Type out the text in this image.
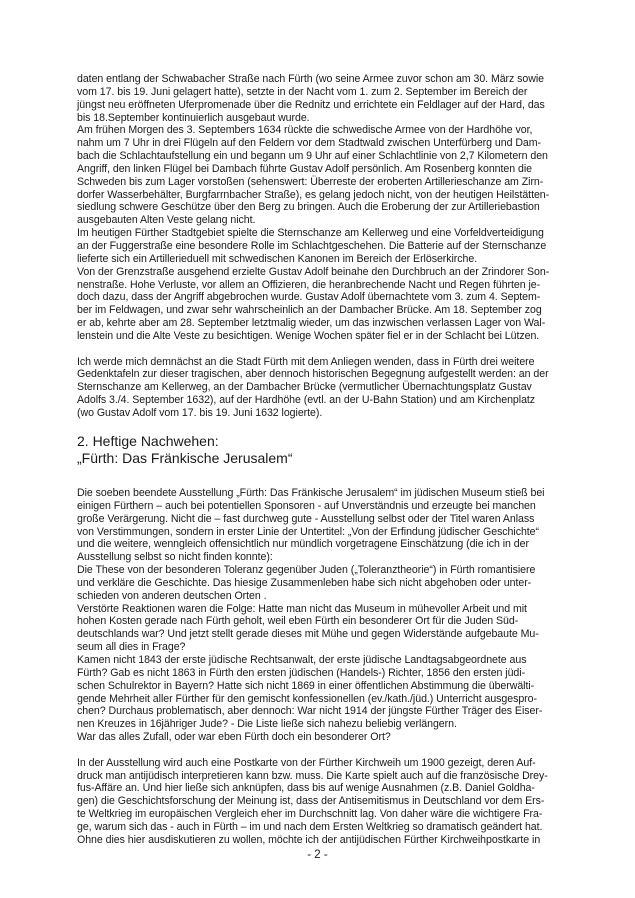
daten entlang der Schwabacher Straße nach Fürth (wo seine Armee zuvor schon am 30. März sowie
vom 17. bis 19. Juni gelagert hatte), setzte in der Nacht vom 1. zum 2. September im Bereich der
jüngst neu eröffneten Uferpromenade über die Rednitz und errichtete ein Feldlager auf der Hard, das
bis 18.September kontinuierlich ausgebaut wurde.
Am frühen Morgen des 3. Septembers 1634 rückte die schwedische Armee von der Hardhöhe vor,
nahm um 7 Uhr in drei Flügeln auf den Feldern vor dem Stadtwald zwischen Unterfürberg und Dam-
bach die Schlachtaufstellung ein und begann um 9 Uhr auf einer Schlachtlinie von 2,7 Kilometern den
Angriff, den linken Flügel bei Dambach führte Gustav Adolf persönlich. Am Rosenberg konnten die
Schweden bis zum Lager vorstoßen (sehenswert: Überreste der eroberten Artillerieschanze am Zirn-
dorfer Wasserbehälter, Burgfarrnbacher Straße), es gelang jedoch nicht, von der heutigen Heilstätten-
siedlung schwere Geschütze über den Berg zu bringen. Auch die Eroberung der zur Artilleriebastion
ausgebauten Alten Veste gelang nicht.
Im heutigen Fürther Stadtgebiet spielte die Sternschanze am Kellerweg und eine Vorfeldverteidigung
an der Fuggerstraße eine besondere Rolle im Schlachtgeschehen. Die Batterie auf der Sternschanze
lieferte sich ein Artillerieduell mit schwedischen Kanonen im Bereich der Erlöserkirche.
Von der Grenzstraße ausgehend erzielte Gustav Adolf beinahe den Durchbruch an der Zrindorer Son-
nenstraße. Hohe Verluste, vor allem an Offizieren, die heranbrechende Nacht und Regen führten je-
doch dazu, dass der Angriff abgebrochen wurde. Gustav Adolf übernachtete vom 3. zum 4. Septem-
ber im Feldwagen, und zwar sehr wahrscheinlich an der Dambacher Brücke. Am 18. September zog
er ab, kehrte aber am 28. September letztmalig wieder, um das inzwischen verlassen Lager von Wal-
lenstein und die Alte Veste zu besichtigen. Wenige Wochen später fiel er in der Schlacht bei Lützen.
Ich werde mich demnächst an die Stadt Fürth mit dem Anliegen wenden, dass in Fürth drei weitere
Gedenktafeln zur dieser tragischen, aber dennoch historischen Begegnung aufgestellt werden: an der
Sternschanze am Kellerweg, an der Dambacher Brücke (vermutlicher Übernachtungsplatz Gustav
Adolfs 3./4. September 1632), auf der Hardhöhe (evtl. an der U-Bahn Station) und am Kirchenplatz
(wo Gustav Adolf vom 17. bis 19. Juni 1632 logierte).
2. Heftige Nachwehen:
„Fürth: Das Fränkische Jerusalem“
Die soeben beendete Ausstellung „Fürth: Das Fränkische Jerusalem“ im jüdischen Museum stieß bei
einigen Fürthern – auch bei potentiellen Sponsoren - auf Unverständnis und erzeugte bei manchen
große Verärgerung. Nicht die – fast durchweg gute - Ausstellung selbst oder der Titel waren Anlass
von Verstimmungen, sondern in erster Linie der Untertitel: „Von der Erfindung jüdischer Geschichte“
und die weitere, wenngleich offensichtlich nur mündlich vorgetragene Einschätzung (die ich in der
Ausstellung selbst so nicht finden konnte):
Die These von der besonderen Toleranz gegenüber Juden („Toleranztheorie“) in Fürth romantisiere
und verkläre die Geschichte. Das hiesige Zusammenleben habe sich nicht abgehoben oder unter-
schieden von anderen deutschen Orten .
Verstörte Reaktionen waren die Folge: Hatte man nicht das Museum in mühevoller Arbeit und mit
hohen Kosten gerade nach Fürth geholt, weil eben Fürth ein besonderer Ort für die Juden Süd-
deutschlands war? Und jetzt stellt gerade dieses mit Mühe und gegen Widerstände aufgebaute Mu-
seum all dies in Frage?
Kamen nicht 1843 der erste jüdische Rechtsanwalt, der erste jüdische Landtagsabgeordnete aus
Fürth? Gab es nicht 1863 in Fürth den ersten jüdischen (Handels-) Richter, 1856 den ersten jüdi-
schen Schulrektor in Bayern? Hatte sich nicht 1869 in einer öffentlichen Abstimmung die überwälti-
gende Mehrheit aller Fürther für den gemischt konfessionellen (ev./kath./jüd.) Unterricht ausgespro-
chen? Durchaus problematisch, aber dennoch: War nicht 1914 der jüngste Fürther Träger des Eiser-
nen Kreuzes in 16jähriger Jude? - Die Liste ließe sich nahezu beliebig verlängern.
War das alles Zufall, oder war eben Fürth doch ein besonderer Ort?
In der Ausstellung wird auch eine Postkarte von der Fürther Kirchweih um 1900 gezeigt, deren Auf-
druck man antijüdisch interpretieren kann bzw. muss. Die Karte spielt auch auf die französische Drey-
fus-Affäre an. Und hier ließe sich anknüpfen, dass bis auf wenige Ausnahmen (z.B. Daniel Goldha-
gen) die Geschichtsforschung der Meinung ist, dass der Antisemitismus in Deutschland vor dem Ers-
te Weltkrieg im europäischen Vergleich eher im Durchschnitt lag. Von daher wäre die wichtigere Fra-
ge, warum sich das - auch in Fürth – im und nach dem Ersten Weltkrieg so dramatisch geändert hat.
Ohne dies hier ausdiskutieren zu wollen, möchte ich der antijüdischen Fürther Kirchweihpostkarte in
- 2 -
